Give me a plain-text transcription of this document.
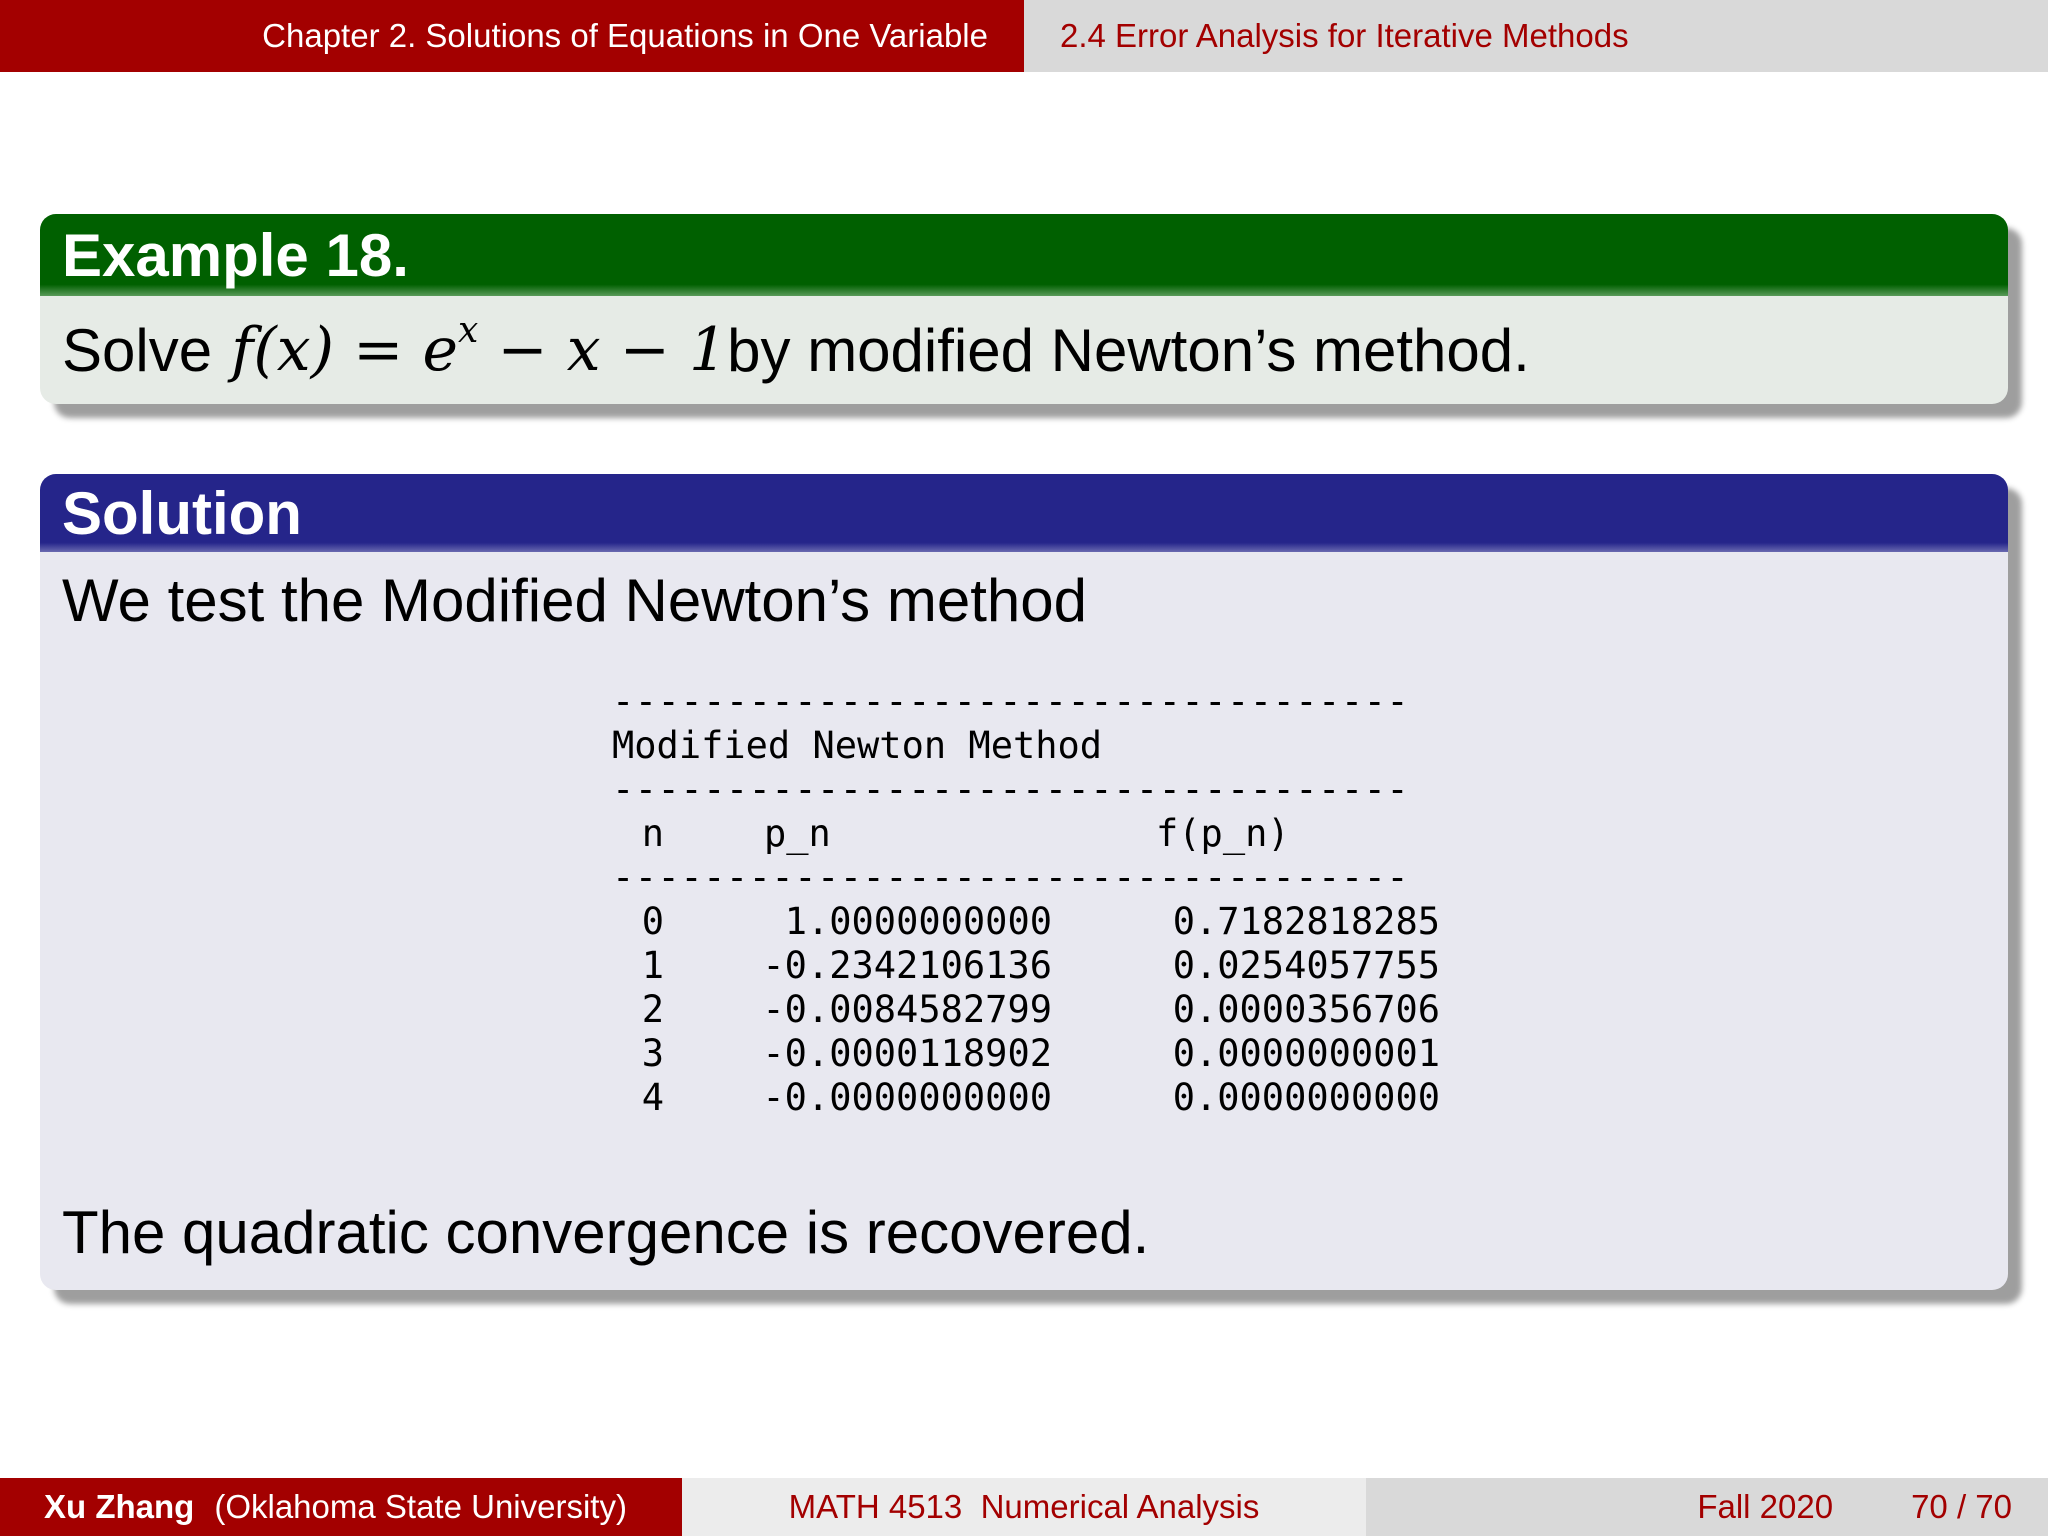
Chapter 2. Solutions of Equations in One Variable 2.4 Error Analysis for Iterative Methods
Example 18.
Solve $f(x) = e^x - x - 1$ by modified Newton’s method.
Solution
We test the Modified Newton’s method
-----------------------------------
Modified Newton Method
-----------------------------------
n	p_n	f(p_n)
-----------------------------------
0	1.0000000000	0.7182818285
1	-0.2342106136	0.0254057755
2	-0.0084582799	0.0000356706
3	-0.0000118902	0.0000000001
4	-0.0000000000	0.0000000000
The quadratic convergence is recovered.
Xu Zhang (Oklahoma State University)	MATH 4513  Numerical Analysis	Fall 2020 70 / 70
